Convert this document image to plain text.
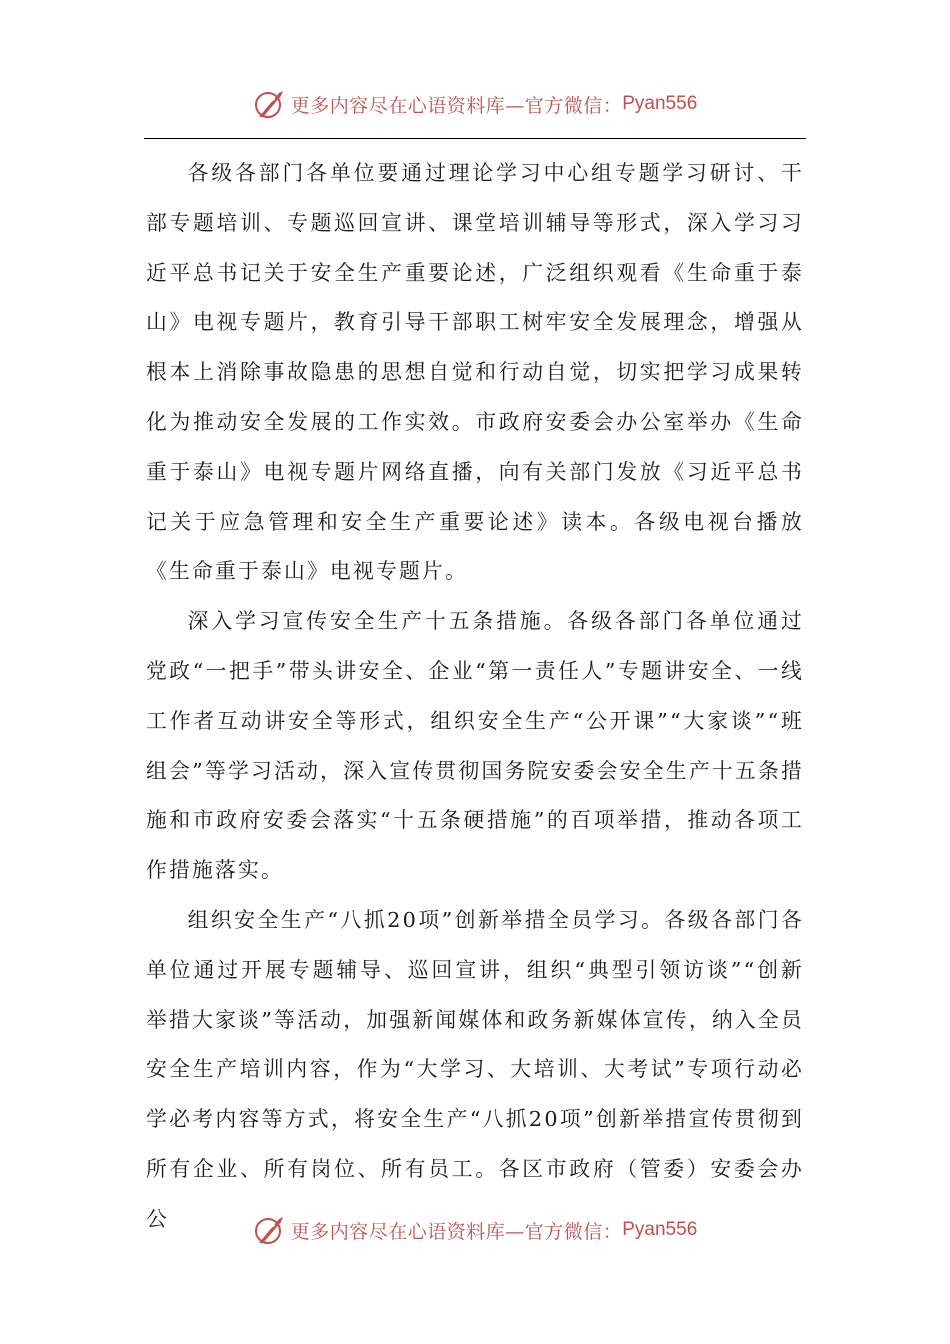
更多内容尽在心语资料库—官方微信： Pyan556

各级各部门各单位要通过理论学习中心组专题学习研讨、干部专题培训、专题巡回宣讲、课堂培训辅导等形式，深入学习习近平总书记关于安全生产重要论述，广泛组织观看《生命重于泰山》电视专题片，教育引导干部职工树牢安全发展理念，增强从根本上消除事故隐患的思想自觉和行动自觉，切实把学习成果转化为推动安全发展的工作实效。市政府安委会办公室举办《生命重于泰山》电视专题片网络直播，向有关部门发放《习近平总书记关于应急管理和安全生产重要论述》读本。各级电视台播放《生命重于泰山》电视专题片。

深入学习宣传安全生产十五条措施。各级各部门各单位通过党政“一把手”带头讲安全、企业“第一责任人”专题讲安全、一线工作者互动讲安全等形式，组织安全生产“公开课”“大家谈”“班组会”等学习活动，深入宣传贯彻国务院安委会安全生产十五条措施和市政府安委会落实“十五条硬措施”的百项举措，推动各项工作措施落实。

组织安全生产“八抓20项”创新举措全员学习。各级各部门各单位通过开展专题辅导、巡回宣讲，组织“典型引领访谈”“创新举措大家谈”等活动，加强新闻媒体和政务新媒体宣传，纳入全员安全生产培训内容，作为“大学习、大培训、大考试”专项行动必学必考内容等方式，将安全生产“八抓20项”创新举措宣传贯彻到所有企业、所有岗位、所有员工。各区市政府（管委）安委会办公

更多内容尽在心语资料库—官方微信： Pyan556
